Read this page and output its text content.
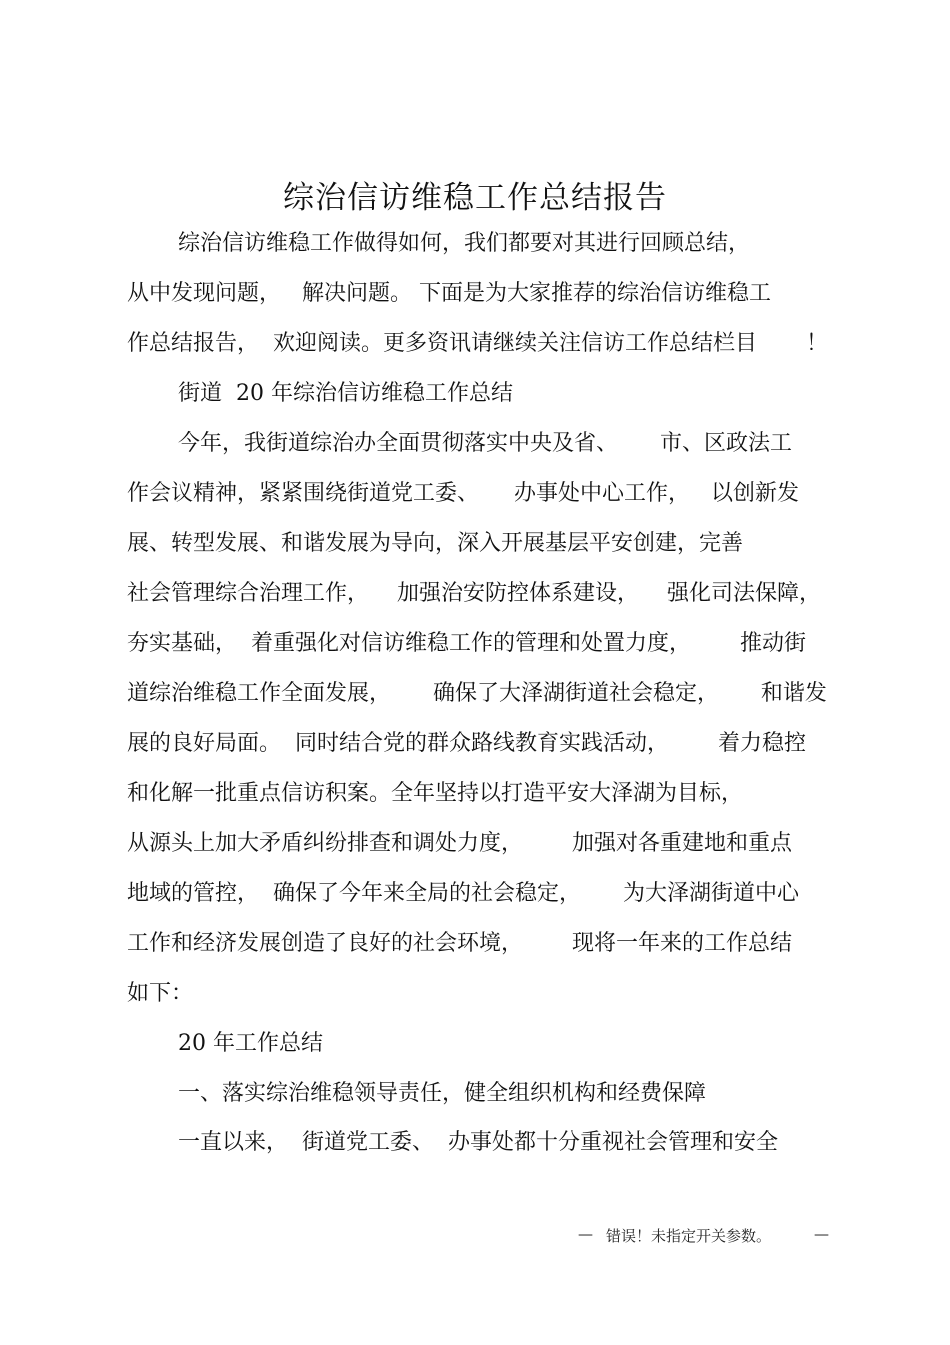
综治信访维稳工作总结报告
综治信访维稳工作做得如何，我们都要对其进行回顾总结，
从中发现问题，   解决问题。 下面是为大家推荐的综治信访维稳工
作总结报告，  欢迎阅读。更多资讯请继续关注信访工作总结栏目       ！
街道  20 年综治信访维稳工作总结
今年，我街道综治办全面贯彻落实中央及省、      市、区政法工
作会议精神，紧紧围绕街道党工委、     办事处中心工作，   以创新发
展、转型发展、和谐发展为导向，深入开展基层平安创建，完善
社会管理综合治理工作，    加强治安防控体系建设，    强化司法保障，
夯实基础，  着重强化对信访维稳工作的管理和处置力度，       推动街
道综治维稳工作全面发展，      确保了大泽湖街道社会稳定，      和谐发
展的良好局面。  同时结合党的群众路线教育实践活动，       着力稳控
和化解一批重点信访积案。全年坚持以打造平安大泽湖为目标，
从源头上加大矛盾纠纷排查和调处力度，       加强对各重建地和重点
地域的管控，  确保了今年来全局的社会稳定，      为大泽湖街道中心
工作和经济发展创造了良好的社会环境，       现将一年来的工作总结
如下：
20 年工作总结
一、落实综治维稳领导责任，健全组织机构和经费保障
一直以来，  街道党工委、  办事处都十分重视社会管理和安全
— 错误！未指定开关参数。	—
